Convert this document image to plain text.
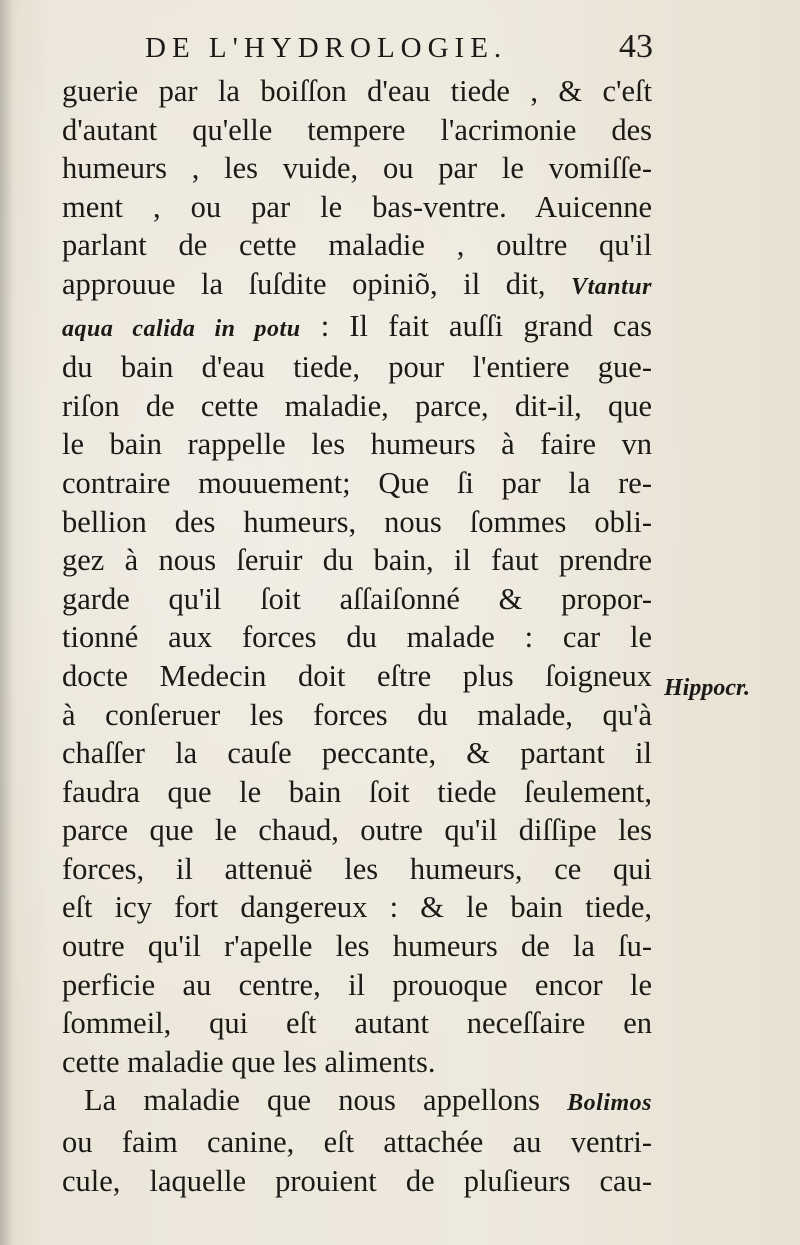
DE L'HYDROLOGIE.	43
guerie par la boiſſon d'eau tiede , & c'eſt
d'autant qu'elle tempere l'acrimonie des
humeurs , les vuide, ou par le vomiſſe-
ment , ou par le bas-ventre. Auicenne
parlant de cette maladie , oultre qu'il
approuue la ſuſdite opiniõ, il dit, Vtantur
aqua calida in potu : Il fait auſſi grand cas
du bain d'eau tiede, pour l'entiere gue-
riſon de cette maladie, parce, dit-il, que
le bain rappelle les humeurs à faire vn
contraire mouuement; Que ſi par la re-
bellion des humeurs, nous ſommes obli-
gez à nous ſeruir du bain, il faut prendre
garde qu'il ſoit aſſaiſonné & propor-
tionné aux forces du malade : car le
docte Medecin doit eſtre plus ſoigneux
à conſeruer les forces du malade, qu'à
chaſſer la cauſe peccante, & partant il
faudra que le bain ſoit tiede ſeulement,
parce que le chaud, outre qu'il diſſipe les
forces, il attenuë les humeurs, ce qui
eſt icy fort dangereux : & le bain tiede,
outre qu'il r'apelle les humeurs de la ſu-
perficie au centre, il prouoque encor le
ſommeil, qui eſt autant neceſſaire en
cette maladie que les aliments.
La maladie que nous appellons Bolimos
ou faim canine, eſt attachée au ventri-
cule, laquelle prouient de pluſieurs cau-
Hippocr.
